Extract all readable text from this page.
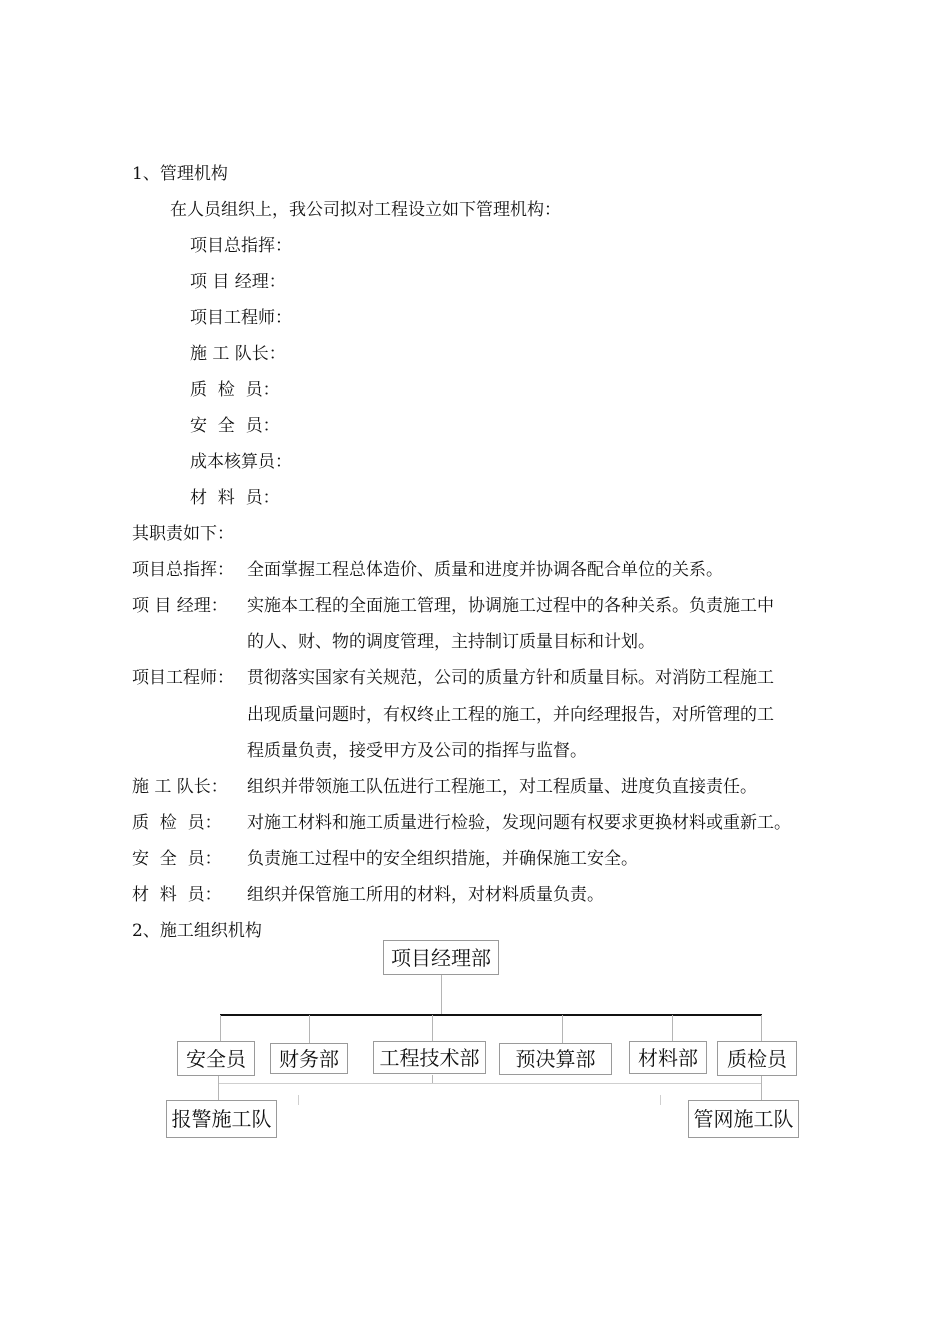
1、管理机构
在人员组织上，我公司拟对工程设立如下管理机构：
项目总指挥：
项 目 经理：
项目工程师：
施 工 队长：
质  检  员：
安  全  员：
成本核算员：
材  料  员：
其职责如下：
项目总指挥： 全面掌握工程总体造价、质量和进度并协调各配合单位的关系。
项 目 经理： 实施本工程的全面施工管理，协调施工过程中的各种关系。负责施工中
的人、财、物的调度管理，主持制订质量目标和计划。
项目工程师： 贯彻落实国家有关规范，公司的质量方针和质量目标。对消防工程施工
出现质量问题时，有权终止工程的施工，并向经理报告，对所管理的工
程质量负责，接受甲方及公司的指挥与监督。
施 工 队长： 组织并带领施工队伍进行工程施工，对工程质量、进度负直接责任。
质  检  员： 对施工材料和施工质量进行检验，发现问题有权要求更换材料或重新工。
安  全  员： 负责施工过程中的安全组织措施，并确保施工安全。
材  料  员： 组织并保管施工所用的材料，对材料质量负责。
2、施工组织机构
项目经理部
安全员	财务部	工程技术部	预决算部	材料部	质检员
报警施工队	管网施工队
